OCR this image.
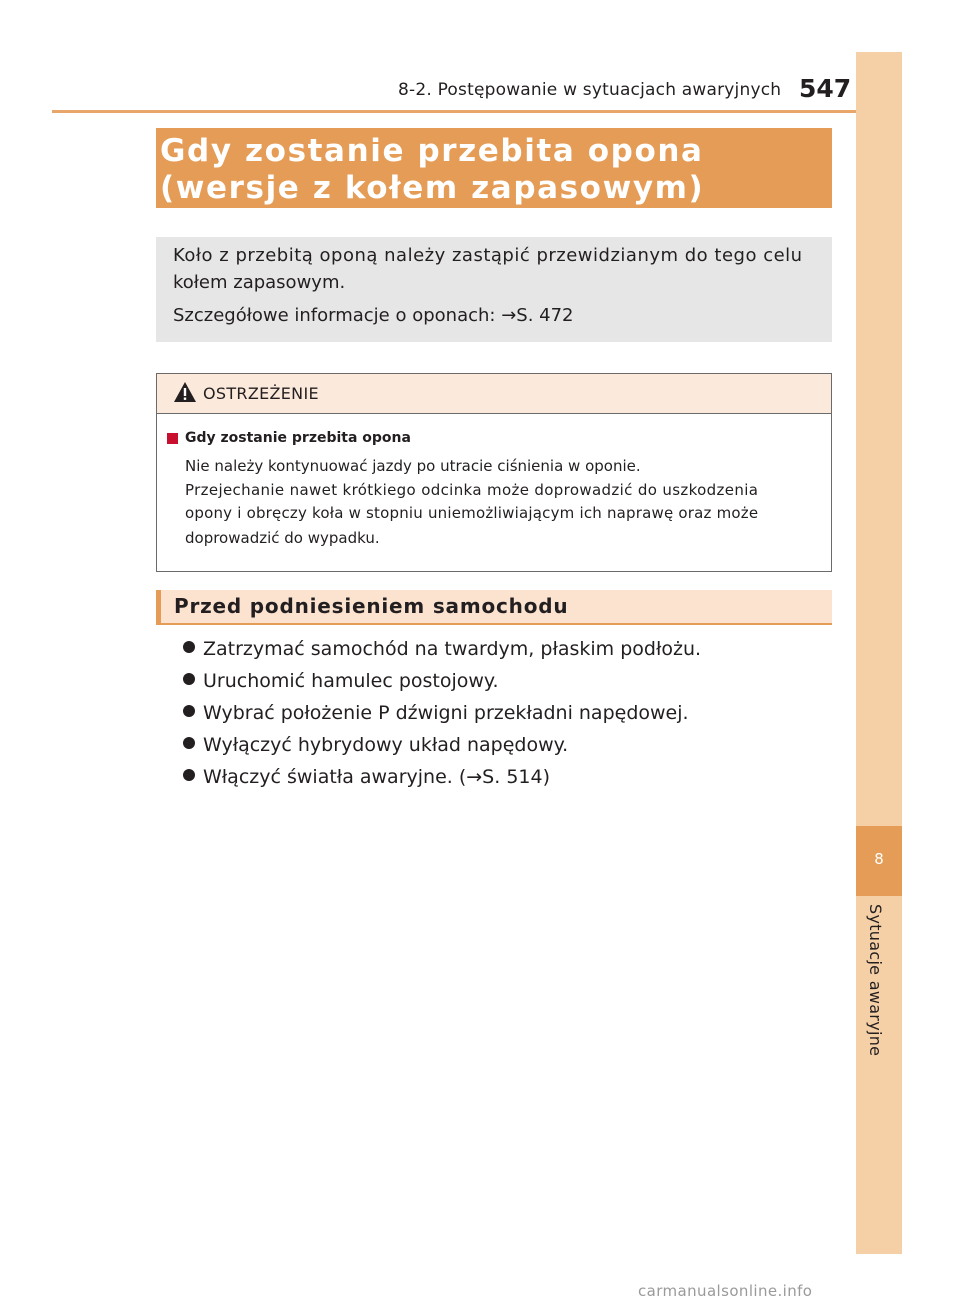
8-2. Postępowanie w sytuacjach awaryjnych 547
8
Sytuacje awaryjne
Gdy zostanie przebita opona
(wersje z kołem zapasowym)
Koło z przebitą oponą należy zastąpić przewidzianym do tego celu
kołem zapasowym.
Szczegółowe informacje o oponach: →S. 472
OSTRZEŻENIE
Gdy zostanie przebita opona
Nie należy kontynuować jazdy po utracie ciśnienia w oponie.
Przejechanie nawet krótkiego odcinka może doprowadzić do uszkodzenia
opony i obręczy koła w stopniu uniemożliwiającym ich naprawę oraz może
doprowadzić do wypadku.
Przed podniesieniem samochodu
Zatrzymać samochód na twardym, płaskim podłożu.
Uruchomić hamulec postojowy.
Wybrać położenie P dźwigni przekładni napędowej.
Wyłączyć hybrydowy układ napędowy.
Włączyć światła awaryjne. (→S. 514)
carmanualsonline.info
